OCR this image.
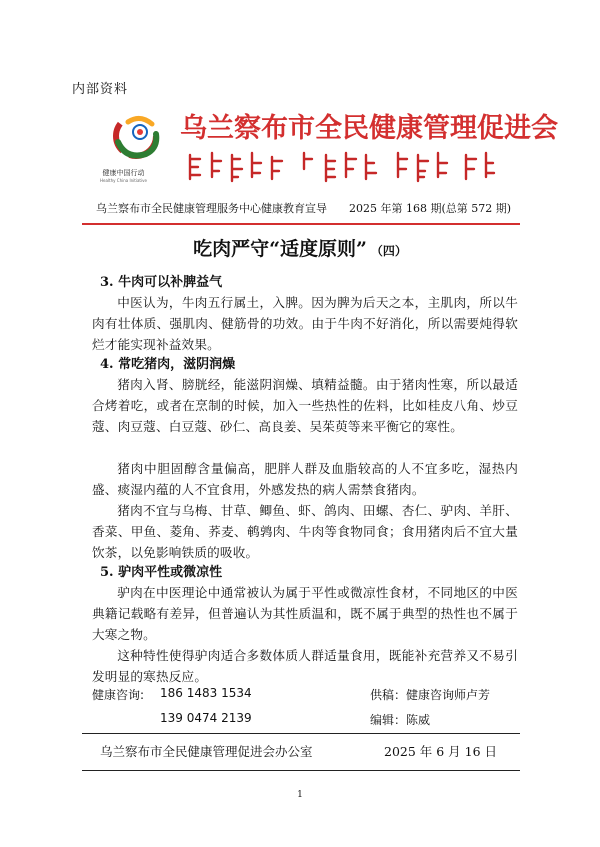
内部资料
健康中国行动
Healthy China Initiative
乌兰察布市全民健康管理促进会
乌兰察布市全民健康管理服务中心健康教育宣导　　2025 年第 168 期(总第 572 期)
吃肉严守“适度原则” （四）
3. 牛肉可以补脾益气
中医认为，牛肉五行属土，入脾。因为脾为后天之本，主肌肉，所以牛肉有壮体质、强肌肉、健筋骨的功效。由于牛肉不好消化，所以需要炖得软烂才能实现补益效果。
4. 常吃猪肉，滋阴润燥
猪肉入肾、膀胱经，能滋阴润燥、填精益髓。由于猪肉性寒，所以最适合烤着吃，或者在烹制的时候，加入一些热性的佐料，比如桂皮八角、炒豆蔻、肉豆蔻、白豆蔻、砂仁、高良姜、吴茱萸等来平衡它的寒性。
猪肉中胆固醇含量偏高，肥胖人群及血脂较高的人不宜多吃，湿热内盛、痰湿内蕴的人不宜食用，外感发热的病人需禁食猪肉。
猪肉不宜与乌梅、甘草、鲫鱼、虾、鸽肉、田螺、杏仁、驴肉、羊肝、香菜、甲鱼、菱角、荞麦、鹌鹑肉、牛肉等食物同食；食用猪肉后不宜大量饮茶，以免影响铁质的吸收。
5. 驴肉平性或微凉性
驴肉在中医理论中通常被认为属于平性或微凉性食材，不同地区的中医典籍记载略有差异，但普遍认为其性质温和，既不属于典型的热性也不属于大寒之物。
这种特性使得驴肉适合多数体质人群适量食用，既能补充营养又不易引发明显的寒热反应。
健康咨询: 186 1483 1534
139 0474 2139
供稿：健康咨询师卢芳
编辑：陈威
乌兰察布市全民健康管理促进会办公室	2025 年 6 月 16 日
1
